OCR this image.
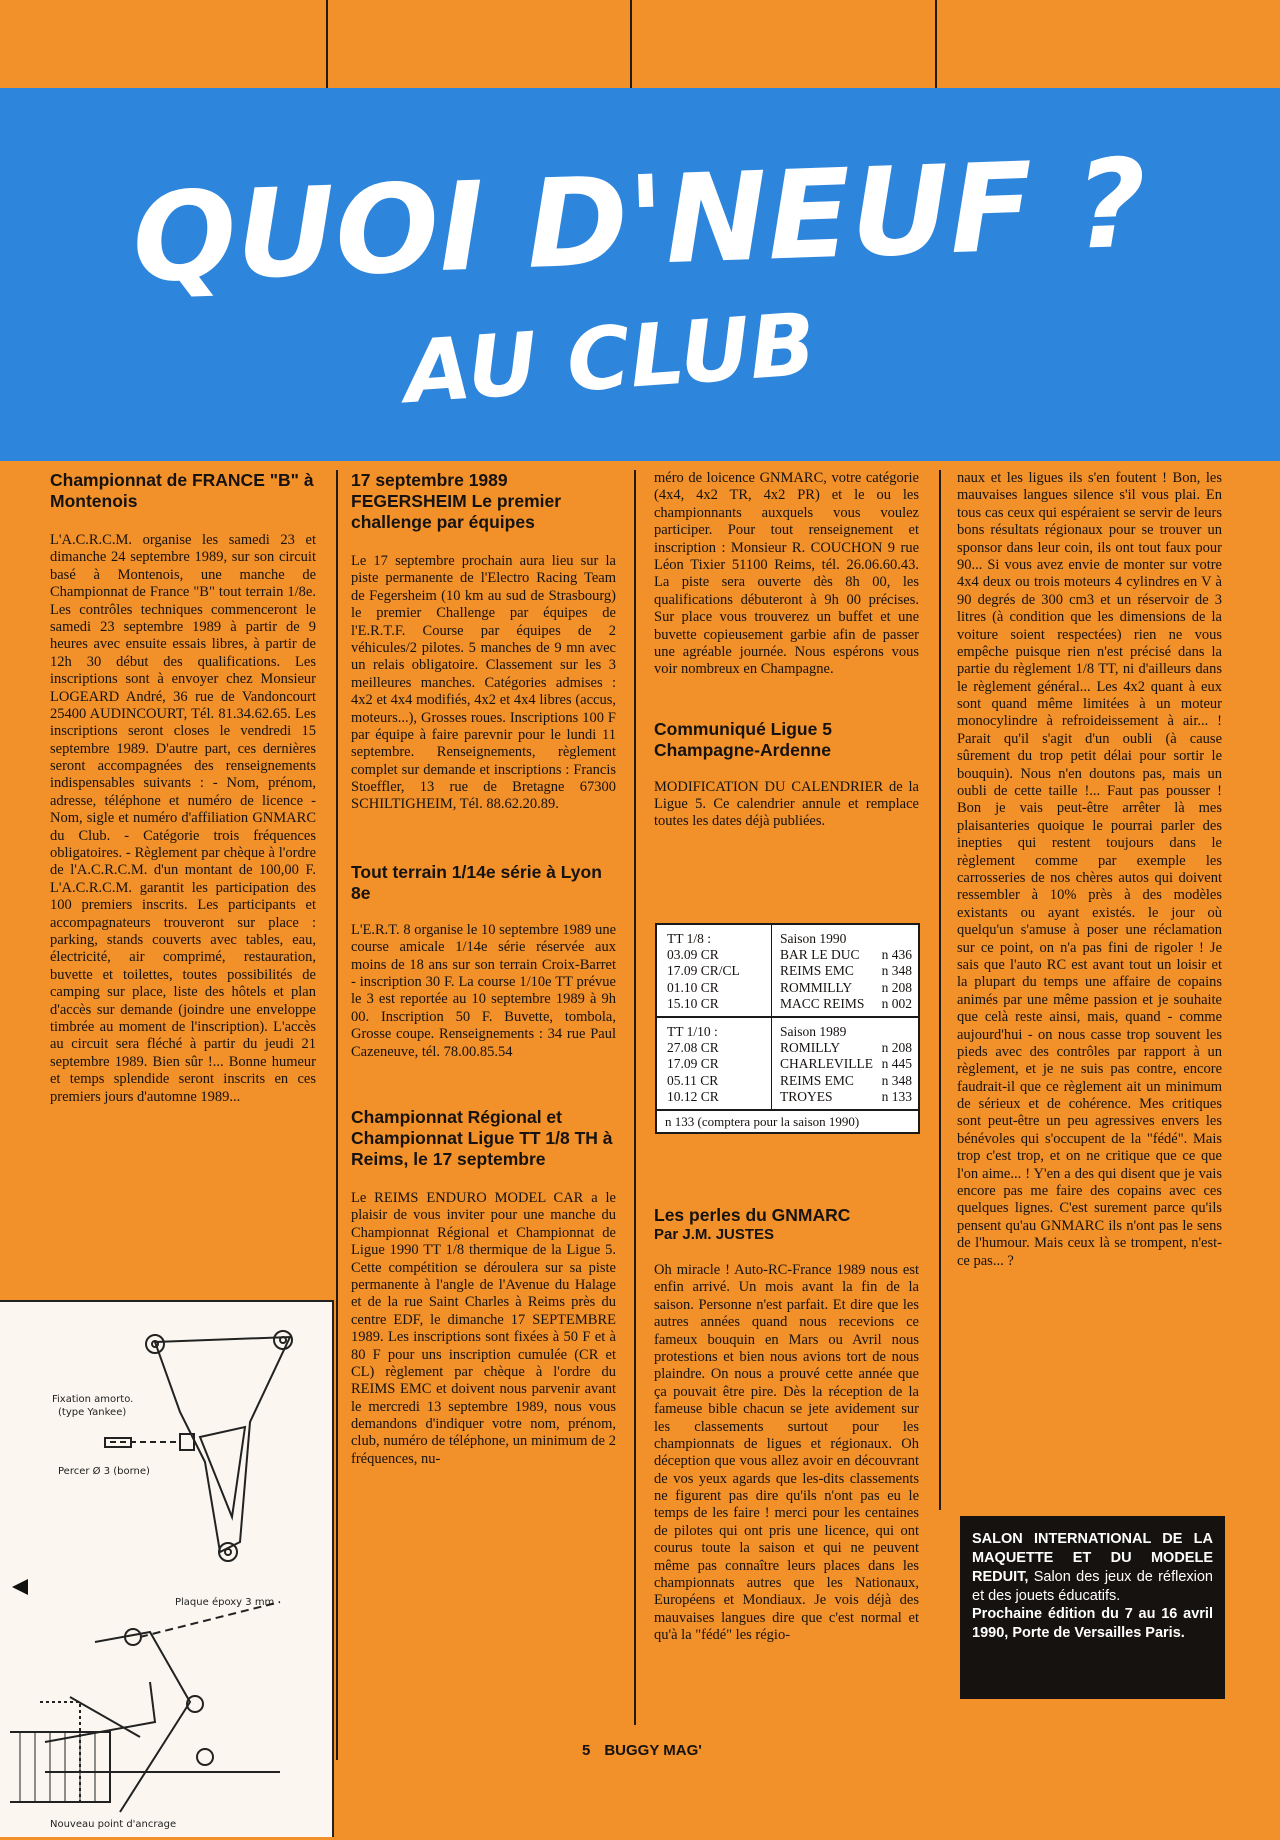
QUOI D'NEUF ?
AU CLUB
Championnat de FRANCE "B" à Montenois

L'A.C.R.C.M. organise les samedi 23 et dimanche 24 septembre 1989, sur son circuit basé à Montenois, une manche de Championnat de France "B" tout terrain 1/8e. Les contrôles techniques commenceront le samedi 23 septembre 1989 à partir de 9 heures avec ensuite essais libres, à partir de 12h 30 début des qualifications. Les inscriptions sont à envoyer chez Monsieur LOGEARD André, 36 rue de Vandoncourt 25400 AUDINCOURT, Tél. 81.34.62.65. Les inscriptions seront closes le vendredi 15 septembre 1989. D'autre part, ces dernières seront accompagnées des renseignements indispensables suivants : - Nom, prénom, adresse, téléphone et numéro de licence - Nom, sigle et numéro d'affiliation GNMARC du Club. - Catégorie trois fréquences obligatoires. - Règlement par chèque à l'ordre de l'A.C.R.C.M. d'un montant de 100,00 F. L'A.C.R.C.M. garantit les participation des 100 premiers inscrits. Les participants et accompagnateurs trouveront sur place : parking, stands couverts avec tables, eau, électricité, air comprimé, restauration, buvette et toilettes, toutes possibilités de camping sur place, liste des hôtels et plan d'accès sur demande (joindre une enveloppe timbrée au moment de l'inscription). L'accès au circuit sera fléché à partir du jeudi 21 septembre 1989. Bien sûr !... Bonne humeur et temps splendide seront inscrits en ces premiers jours d'automne 1989...

Fixation amorto.
(type Yankee)
Percer Ø 3 (borne)
Plaque époxy 3 mm
Nouveau point d'ancrage
17 septembre 1989 FEGERSHEIM Le premier challenge par équipes

Le 17 septembre prochain aura lieu sur la piste permanente de l'Electro Racing Team de Fegersheim (10 km au sud de Strasbourg) le premier Challenge par équipes de l'E.R.T.F. Course par équipes de 2 véhicules/2 pilotes. 5 manches de 9 mn avec un relais obligatoire. Classement sur les 3 meilleures manches. Catégories admises : 4x2 et 4x4 modifiés, 4x2 et 4x4 libres (accus, moteurs...), Grosses roues. Inscriptions 100 F par équipe à faire parevnir pour le lundi 11 septembre. Renseignements, règlement complet sur demande et inscriptions : Francis Stoeffler, 13 rue de Bretagne 67300 SCHILTIGHEIM, Tél. 88.62.20.89.

Tout terrain 1/14e série à Lyon 8e

L'E.R.T. 8 organise le 10 septembre 1989 une course amicale 1/14e série réservée aux moins de 18 ans sur son terrain Croix-Barret - inscription 30 F. La course 1/10e TT prévue le 3 est reportée au 10 septembre 1989 à 9h 00. Inscription 50 F. Buvette, tombola, Grosse coupe. Renseignements : 34 rue Paul Cazeneuve, tél. 78.00.85.54

Championnat Régional et Championnat Ligue TT 1/8 TH à Reims, le 17 septembre

Le REIMS ENDURO MODEL CAR a le plaisir de vous inviter pour une manche du Championnat Régional et Championnat de Ligue 1990 TT 1/8 thermique de la Ligue 5. Cette compétition se déroulera sur sa piste permanente à l'angle de l'Avenue du Halage et de la rue Saint Charles à Reims près du centre EDF, le dimanche 17 SEPTEMBRE 1989. Les inscriptions sont fixées à 50 F et à 80 F pour uns inscription cumulée (CR et CL) règlement par chèque à l'ordre du REIMS EMC et doivent nous parvenir avant le mercredi 13 septembre 1989, nous vous demandons d'indiquer votre nom, prénom, club, numéro de téléphone, un minimum de 2 fréquences, nu-

méro de loicence GNMARC, votre catégorie (4x4, 4x2 TR, 4x2 PR) et le ou les championnants auxquels vous voulez participer. Pour tout renseignement et inscription : Monsieur R. COUCHON 9 rue Léon Tixier 51100 Reims, tél. 26.06.60.43. La piste sera ouverte dès 8h 00, les qualifications débuteront à 9h 00 précises. Sur place vous trouverez un buffet et une buvette copieusement garbie afin de passer une agréable journée. Nous espérons vous voir nombreux en Champagne.

Communiqué Ligue 5 Champagne-Ardenne

MODIFICATION DU CALENDRIER de la Ligue 5. Ce calendrier annule et remplace toutes les dates déjà publiées.

TT 1/8 :
03.09 CR
17.09 CR/CL
01.10 CR
15.10 CR
Saison 1990
BAR LE DUC n 436
REIMS EMC n 348
ROMMILLY n 208
MACC REIMS n 002
TT 1/10 :
27.08 CR
17.09 CR
05.11 CR
10.12 CR
Saison 1989
ROMILLY	n 208
CHARLEVILLE n 445
REIMS EMC n 348
TROYES	n 133
n 133 (comptera pour la saison 1990)
Les perles du GNMARC
Par J.M. JUSTES

Oh miracle ! Auto-RC-France 1989 nous est enfin arrivé. Un mois avant la fin de la saison. Personne n'est parfait. Et dire que les autres années quand nous recevions ce fameux bouquin en Mars ou Avril nous protestions et bien nous avions tort de nous plaindre. On nous a prouvé cette année que ça pouvait être pire. Dès la réception de la fameuse bible chacun se jete avidement sur les classements surtout pour les championnats de ligues et régionaux. Oh déception que vous allez avoir en découvrant de vos yeux agards que les-dits classements ne figurent pas dire qu'ils n'ont pas eu le temps de les faire ! merci pour les centaines de pilotes qui ont pris une licence, qui ont courus toute la saison et qui ne peuvent même pas connaître leurs places dans les championnats autres que les Nationaux, Européens et Mondiaux. Je vois déjà des mauvaises langues dire que c'est normal et qu'à la "fédé" les régio-

naux et les ligues ils s'en foutent ! Bon, les mauvaises langues silence s'il vous plai. En tous cas ceux qui espéraient se servir de leurs bons résultats régionaux pour se trouver un sponsor dans leur coin, ils ont tout faux pour 90... Si vous avez envie de monter sur votre 4x4 deux ou trois moteurs 4 cylindres en V à 90 degrés de 300 cm3 et un réservoir de 3 litres (à condition que les dimensions de la voiture soient respectées) rien ne vous empêche puisque rien n'est précisé dans la partie du règlement 1/8 TT, ni d'ailleurs dans le règlement général... Les 4x2 quant à eux sont quand même limitées à un moteur monocylindre à refroideissement à air... ! Parait qu'il s'agit d'un oubli (à cause sûrement du trop petit délai pour sortir le bouquin). Nous n'en doutons pas, mais un oubli de cette taille !... Faut pas pousser ! Bon je vais peut-être arrêter là mes plaisanteries quoique le pourrai parler des inepties qui restent toujours dans le règlement comme par exemple les carrosseries de nos chères autos qui doivent ressembler à 10% près à des modèles existants ou ayant existés. le jour où quelqu'un s'amuse à poser une réclamation sur ce point, on n'a pas fini de rigoler ! Je sais que l'auto RC est avant tout un loisir et la plupart du temps une affaire de copains animés par une même passion et je souhaite que celà reste ainsi, mais, quand - comme aujourd'hui - on nous casse trop souvent les pieds avec des contrôles par rapport à un règlement, et je ne suis pas contre, encore faudrait-il que ce règlement ait un minimum de sérieux et de cohérence. Mes critiques sont peut-être un peu agressives envers les bénévoles qui s'occupent de la "fédé". Mais trop c'est trop, et on ne critique que ce que l'on aime... ! Y'en a des qui disent que je vais encore pas me faire des copains avec ces quelques lignes. C'est surement parce qu'ils pensent qu'au GNMARC ils n'ont pas le sens de l'humour. Mais ceux là se trompent, n'est-ce pas... ?

SALON INTERNATIONAL DE LA MAQUETTE ET DU MODELE REDUIT, Salon des jeux de réflexion et des jouets éducatifs.
Prochaine édition du 7 au 16 avril 1990, Porte de Versailles Paris.
5 BUGGY MAG'
